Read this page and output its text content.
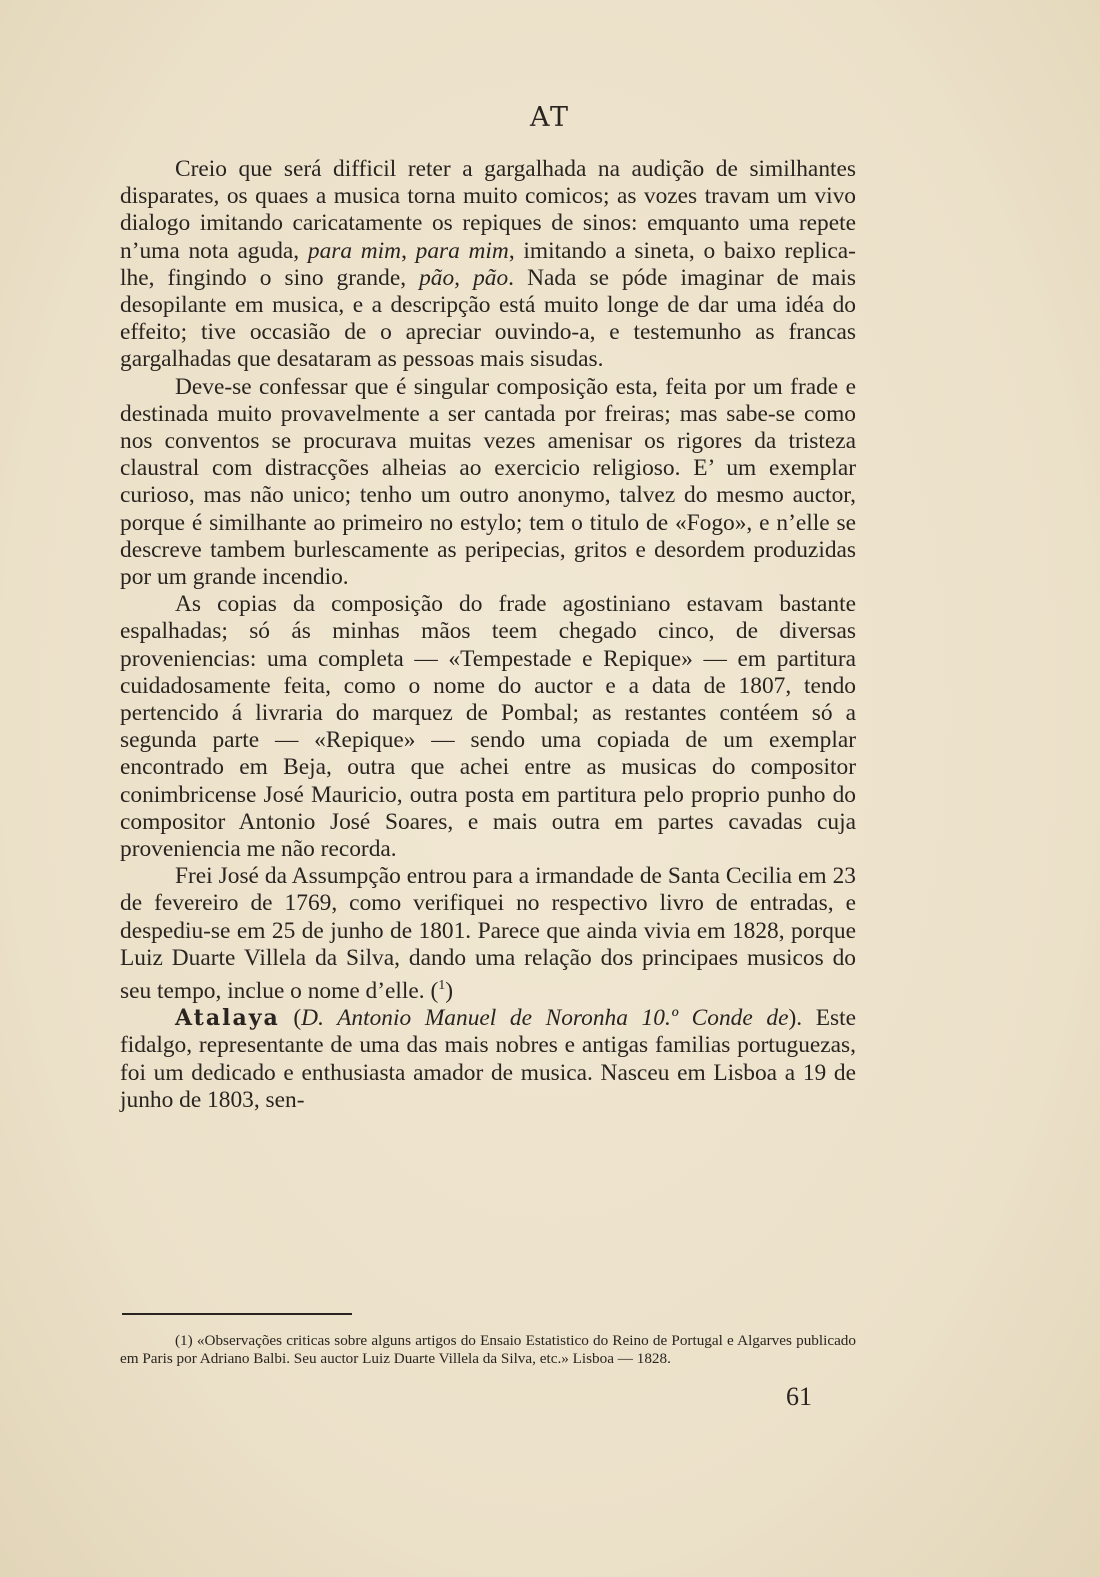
AT

Creio que será difficil reter a gargalhada na audição de similhantes disparates, os quaes a musica torna muito comicos; as vozes travam um vivo dialogo imitando caricatamente os repiques de sinos: emquanto uma repete n’uma nota aguda, para mim, para mim, imitando a sineta, o baixo replica-lhe, fingindo o sino grande, pão, pão. Nada se póde imaginar de mais desopilante em musica, e a descripção está muito longe de dar uma idéa do effeito; tive occasião de o apreciar ouvindo-a, e testemunho as francas gargalhadas que desataram as pessoas mais sisudas.

Deve-se confessar que é singular composição esta, feita por um frade e destinada muito provavelmente a ser cantada por freiras; mas sabe-se como nos conventos se procurava muitas vezes amenisar os rigores da tristeza claustral com distracções alheias ao exercicio religioso. E’ um exemplar curioso, mas não unico; tenho um outro anonymo, talvez do mesmo auctor, porque é similhante ao primeiro no estylo; tem o titulo de «Fogo», e n’elle se descreve tambem burlescamente as peripecias, gritos e desordem produzidas por um grande incendio.

As copias da composição do frade agostiniano estavam bastante espalhadas; só ás minhas mãos teem chegado cinco, de diversas proveniencias: uma completa — «Tempestade e Repique» — em partitura cuidadosamente feita, como o nome do auctor e a data de 1807, tendo pertencido á livraria do marquez de Pombal; as restantes contéem só a segunda parte — «Repique» — sendo uma copiada de um exemplar encontrado em Beja, outra que achei entre as musicas do compositor conimbricense José Mauricio, outra posta em partitura pelo proprio punho do compositor Antonio José Soares, e mais outra em partes cavadas cuja proveniencia me não recorda.

Frei José da Assumpção entrou para a irmandade de Santa Cecilia em 23 de fevereiro de 1769, como verifiquei no respectivo livro de entradas, e despediu-se em 25 de junho de 1801. Parece que ainda vivia em 1828, porque Luiz Duarte Villela da Silva, dando uma relação dos principaes musicos do seu tempo, inclue o nome d’elle. ($^1$)

Atalaya (D. Antonio Manuel de Noronha 10.º Conde de). Este fidalgo, representante de uma das mais nobres e antigas familias portuguezas, foi um dedicado e enthusiasta amador de musica. Nasceu em Lisboa a 19 de junho de 1803, sen-

(1) «Observações criticas sobre alguns artigos do Ensaio Estatistico do Reino de Portugal e Algarves publicado em Paris por Adriano Balbi. Seu auctor Luiz Duarte Villela da Silva, etc.» Lisboa — 1828.

61
